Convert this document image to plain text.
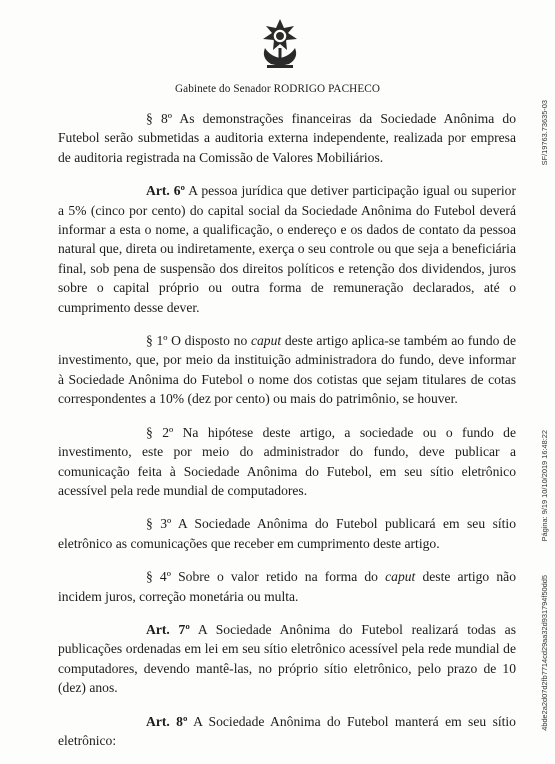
Gabinete do Senador RODRIGO PACHECO

§ 8º As demonstrações financeiras da Sociedade Anônima do Futebol serão submetidas a auditoria externa independente, realizada por empresa de auditoria registrada na Comissão de Valores Mobiliários.

Art. 6º A pessoa jurídica que detiver participação igual ou superior a 5% (cinco por cento) do capital social da Sociedade Anônima do Futebol deverá informar a esta o nome, a qualificação, o endereço e os dados de contato da pessoa natural que, direta ou indiretamente, exerça o seu controle ou que seja a beneficiária final, sob pena de suspensão dos direitos políticos e retenção dos dividendos, juros sobre o capital próprio ou outra forma de remuneração declarados, até o cumprimento desse dever.

§ 1º O disposto no caput deste artigo aplica-se também ao fundo de investimento, que, por meio da instituição administradora do fundo, deve informar à Sociedade Anônima do Futebol o nome dos cotistas que sejam titulares de cotas correspondentes a 10% (dez por cento) ou mais do patrimônio, se houver.

§ 2º Na hipótese deste artigo, a sociedade ou o fundo de investimento, este por meio do administrador do fundo, deve publicar a comunicação feita à Sociedade Anônima do Futebol, em seu sítio eletrônico acessível pela rede mundial de computadores.

§ 3º A Sociedade Anônima do Futebol publicará em seu sítio eletrônico as comunicações que receber em cumprimento deste artigo.

§ 4º Sobre o valor retido na forma do caput deste artigo não incidem juros, correção monetária ou multa.

Art. 7º A Sociedade Anônima do Futebol realizará todas as publicações ordenadas em lei em seu sítio eletrônico acessível pela rede mundial de computadores, devendo mantê-las, no próprio sítio eletrônico, pelo prazo de 10 (dez) anos.

Art. 8º A Sociedade Anônima do Futebol manterá em seu sítio eletrônico:

SF/19763.73635-03
Página: 9/19 10/10/2019 16:48:22
4bde2a2d07d2fb7714cd29aa32d931794f50dd5
